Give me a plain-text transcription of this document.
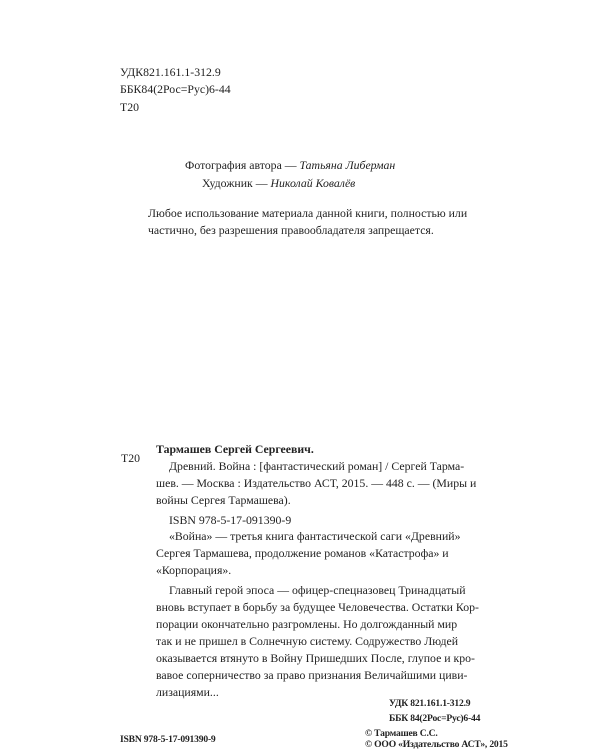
УДК821.161.1-312.9
ББК84(2Рос=Рус)6-44
Т20
Фотография автора — Татьяна Либерман
Художник — Николай Ковалёв
Любое использование материала данной книги, полностью или
частично, без разрешения правообладателя запрещается.
Тармашев Сергей Сергеевич.
Т20
Древний. Война : [фантастический роман] / Сергей Тарма-
шев. — Москва : Издательство АСТ, 2015. — 448 с. — (Миры и
войны Сергея Тармашева).
ISBN 978-5-17-091390-9
«Война» — третья книга фантастической саги «Древний»
Сергея Тармашева, продолжение романов «Катастрофа» и
«Корпорация».
Главный герой эпоса — офицер-спецназовец Тринадцатый
вновь вступает в борьбу за будущее Человечества. Остатки Кор-
порации окончательно разгромлены. Но долгожданный мир
так и не пришел в Солнечную систему. Содружество Людей
оказывается втянуто в Войну Пришедших После, глупое и кро-
вавое соперничество за право признания Величайшими циви-
лизациями...
УДК 821.161.1-312.9
ББК 84(2Рос=Рус)6-44
ISBN 978-5-17-091390-9
© Тармашев С.С.
© ООО «Издательство АСТ», 2015
